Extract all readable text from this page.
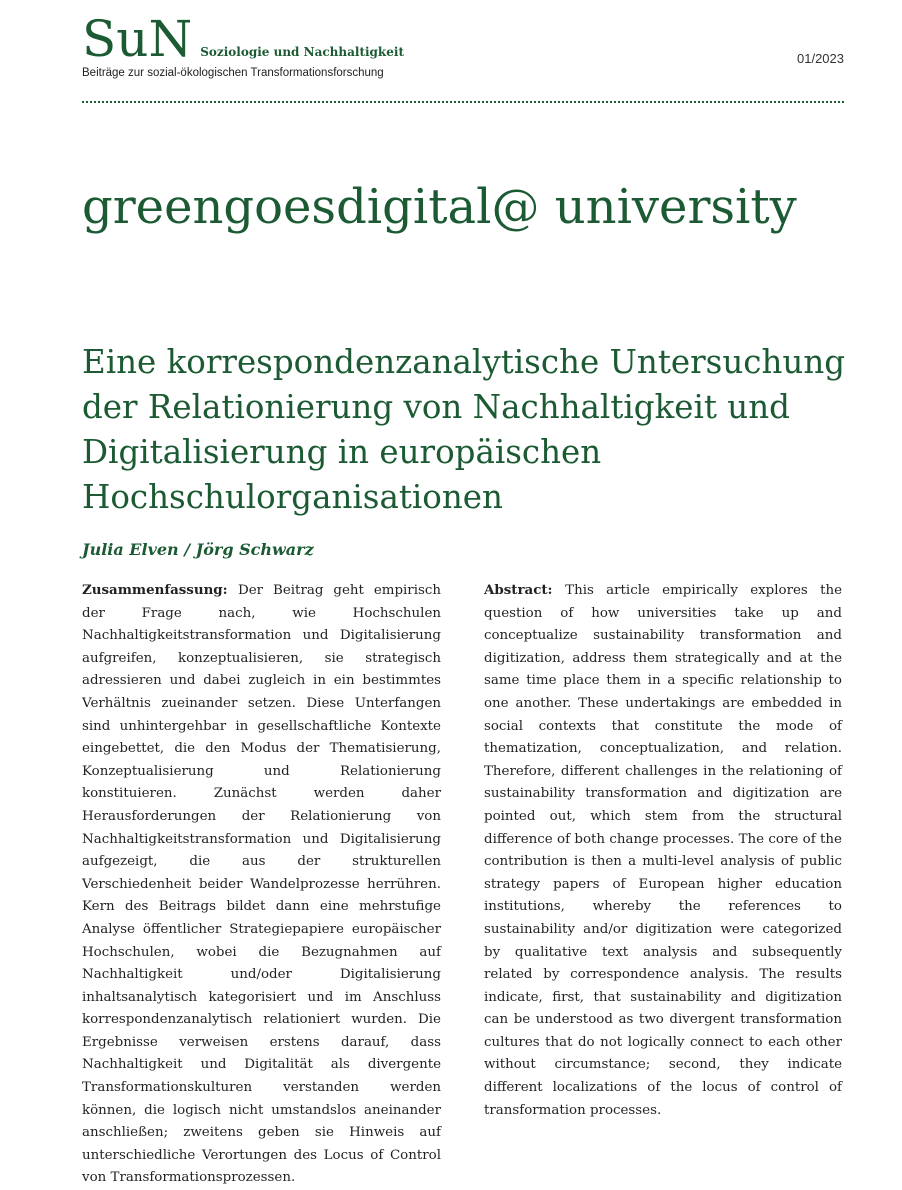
SuN Soziologie und Nachhaltigkeit
Beiträge zur sozial-ökologischen Transformationsforschung
01/2023
greengoesdigital@ university
Eine korrespondenzanalytische Untersuchung der Relationierung von Nachhaltigkeit und Digitalisierung in europäischen Hochschulorganisationen
Julia Elven / Jörg Schwarz
Zusammenfassung: Der Beitrag geht empirisch der Frage nach, wie Hochschulen Nachhaltigkeitstransformation und Digitalisierung aufgreifen, konzeptualisieren, sie strategisch adressieren und dabei zugleich in ein bestimmtes Verhältnis zueinander setzen. Diese Unterfangen sind unhintergehbar in gesellschaftliche Kontexte eingebettet, die den Modus der Thematisierung, Konzeptualisierung und Relationierung konstituieren. Zunächst werden daher Herausforderungen der Relationierung von Nachhaltigkeitstransformation und Digitalisierung aufgezeigt, die aus der strukturellen Verschiedenheit beider Wandelprozesse herrühren. Kern des Beitrags bildet dann eine mehrstufige Analyse öffentlicher Strategiepapiere europäischer Hochschulen, wobei die Bezugnahmen auf Nachhaltigkeit und/oder Digitalisierung inhaltsanalytisch kategorisiert und im Anschluss korrespondenzanalytisch relationiert wurden. Die Ergebnisse verweisen erstens darauf, dass Nachhaltigkeit und Digitalität als divergente Transformationskulturen verstanden werden können, die logisch nicht umstandslos aneinander anschließen; zweitens geben sie Hinweis auf unterschiedliche Verortungen des Locus of Control von Transformationsprozessen.
Abstract: This article empirically explores the question of how universities take up and conceptualize sustainability transformation and digitization, address them strategically and at the same time place them in a specific relationship to one another. These undertakings are embedded in social contexts that constitute the mode of thematization, conceptualization, and relation. Therefore, different challenges in the relationing of sustainability transformation and digitization are pointed out, which stem from the structural difference of both change processes. The core of the contribution is then a multi-level analysis of public strategy papers of European higher education institutions, whereby the references to sustainability and/or digitization were categorized by qualitative text analysis and subsequently related by correspondence analysis. The results indicate, first, that sustainability and digitization can be understood as two divergent transformation cultures that do not logically connect to each other without circumstance; second, they indicate different localizations of the locus of control of transformation processes.
